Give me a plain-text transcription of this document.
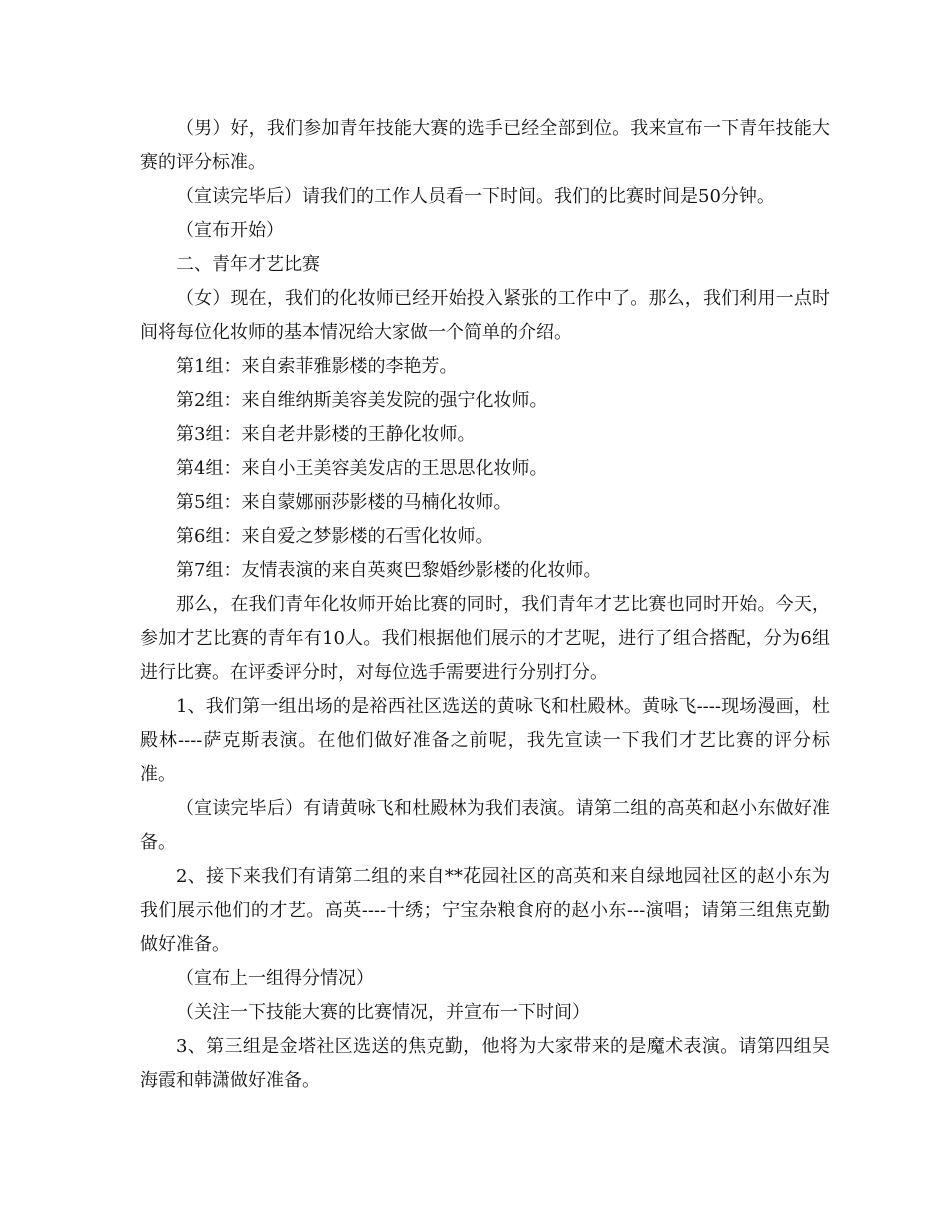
（男）好，我们参加青年技能大赛的选手已经全部到位。我来宣布一下青年技能大赛的评分标准。

（宣读完毕后）请我们的工作人员看一下时间。我们的比赛时间是50分钟。

（宣布开始）

二、青年才艺比赛

（女）现在，我们的化妆师已经开始投入紧张的工作中了。那么，我们利用一点时间将每位化妆师的基本情况给大家做一个简单的介绍。

第1组：来自索菲雅影楼的李艳芳。

第2组：来自维纳斯美容美发院的强宁化妆师。

第3组：来自老井影楼的王静化妆师。

第4组：来自小王美容美发店的王思思化妆师。

第5组：来自蒙娜丽莎影楼的马楠化妆师。

第6组：来自爱之梦影楼的石雪化妆师。

第7组：友情表演的来自英爽巴黎婚纱影楼的化妆师。

那么，在我们青年化妆师开始比赛的同时，我们青年才艺比赛也同时开始。今天，参加才艺比赛的青年有10人。我们根据他们展示的才艺呢，进行了组合搭配，分为6组进行比赛。在评委评分时，对每位选手需要进行分别打分。

1、我们第一组出场的是裕西社区选送的黄咏飞和杜殿林。黄咏飞----现场漫画，杜殿林----萨克斯表演。在他们做好准备之前呢，我先宣读一下我们才艺比赛的评分标准。

（宣读完毕后）有请黄咏飞和杜殿林为我们表演。请第二组的高英和赵小东做好准备。

2、接下来我们有请第二组的来自**花园社区的高英和来自绿地园社区的赵小东为我们展示他们的才艺。高英----十绣；宁宝杂粮食府的赵小东---演唱；请第三组焦克勤做好准备。

（宣布上一组得分情况）

（关注一下技能大赛的比赛情况，并宣布一下时间）

3、第三组是金塔社区选送的焦克勤，他将为大家带来的是魔术表演。请第四组吴海霞和韩潇做好准备。
